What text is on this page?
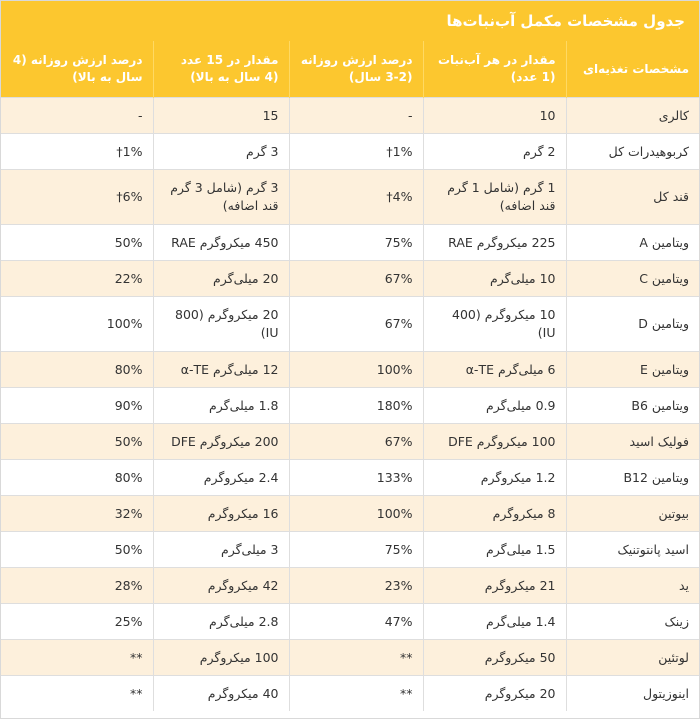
جدول مشخصات مکمل آب‌نبات‌ها
مشخصات تغذیه‌ای	مقدار در هر آب‌نبات (1 عدد)	درصد ارزش روزانه (2-3 سال)	مقدار در 15 عدد (4 سال به بالا)	درصد ارزش روزانه (4 سال به بالا)
کالری	10	-	15	-
کربوهیدرات کل	2 گرم	1%†	3 گرم	1%†
قند کل	1 گرم (شامل 1 گرم قند اضافه)	4%†	3 گرم (شامل 3 گرم قند اضافه)	6%†
ویتامین A	225 میکروگرم RAE	75%	450 میکروگرم RAE	50%
ویتامین C	10 میلی‌گرم	67%	20 میلی‌گرم	22%
ویتامین D	10 میکروگرم (400 IU)	67%	20 میکروگرم (800 IU)	100%
ویتامین E	6 میلی‌گرم α-TE	100%	12 میلی‌گرم α-TE	80%
ویتامین B6	0.9 میلی‌گرم	180%	1.8 میلی‌گرم	90%
فولیک اسید	100 میکروگرم DFE	67%	200 میکروگرم DFE	50%
ویتامین B12	1.2 میکروگرم	133%	2.4 میکروگرم	80%
بیوتین	8 میکروگرم	100%	16 میکروگرم	32%
اسید پانتوتنیک	1.5 میلی‌گرم	75%	3 میلی‌گرم	50%
ید	21 میکروگرم	23%	42 میکروگرم	28%
زینک	1.4 میلی‌گرم	47%	2.8 میلی‌گرم	25%
لوتئین	50 میکروگرم	**	100 میکروگرم	**
اینوزیتول	20 میکروگرم	**	40 میکروگرم	**
